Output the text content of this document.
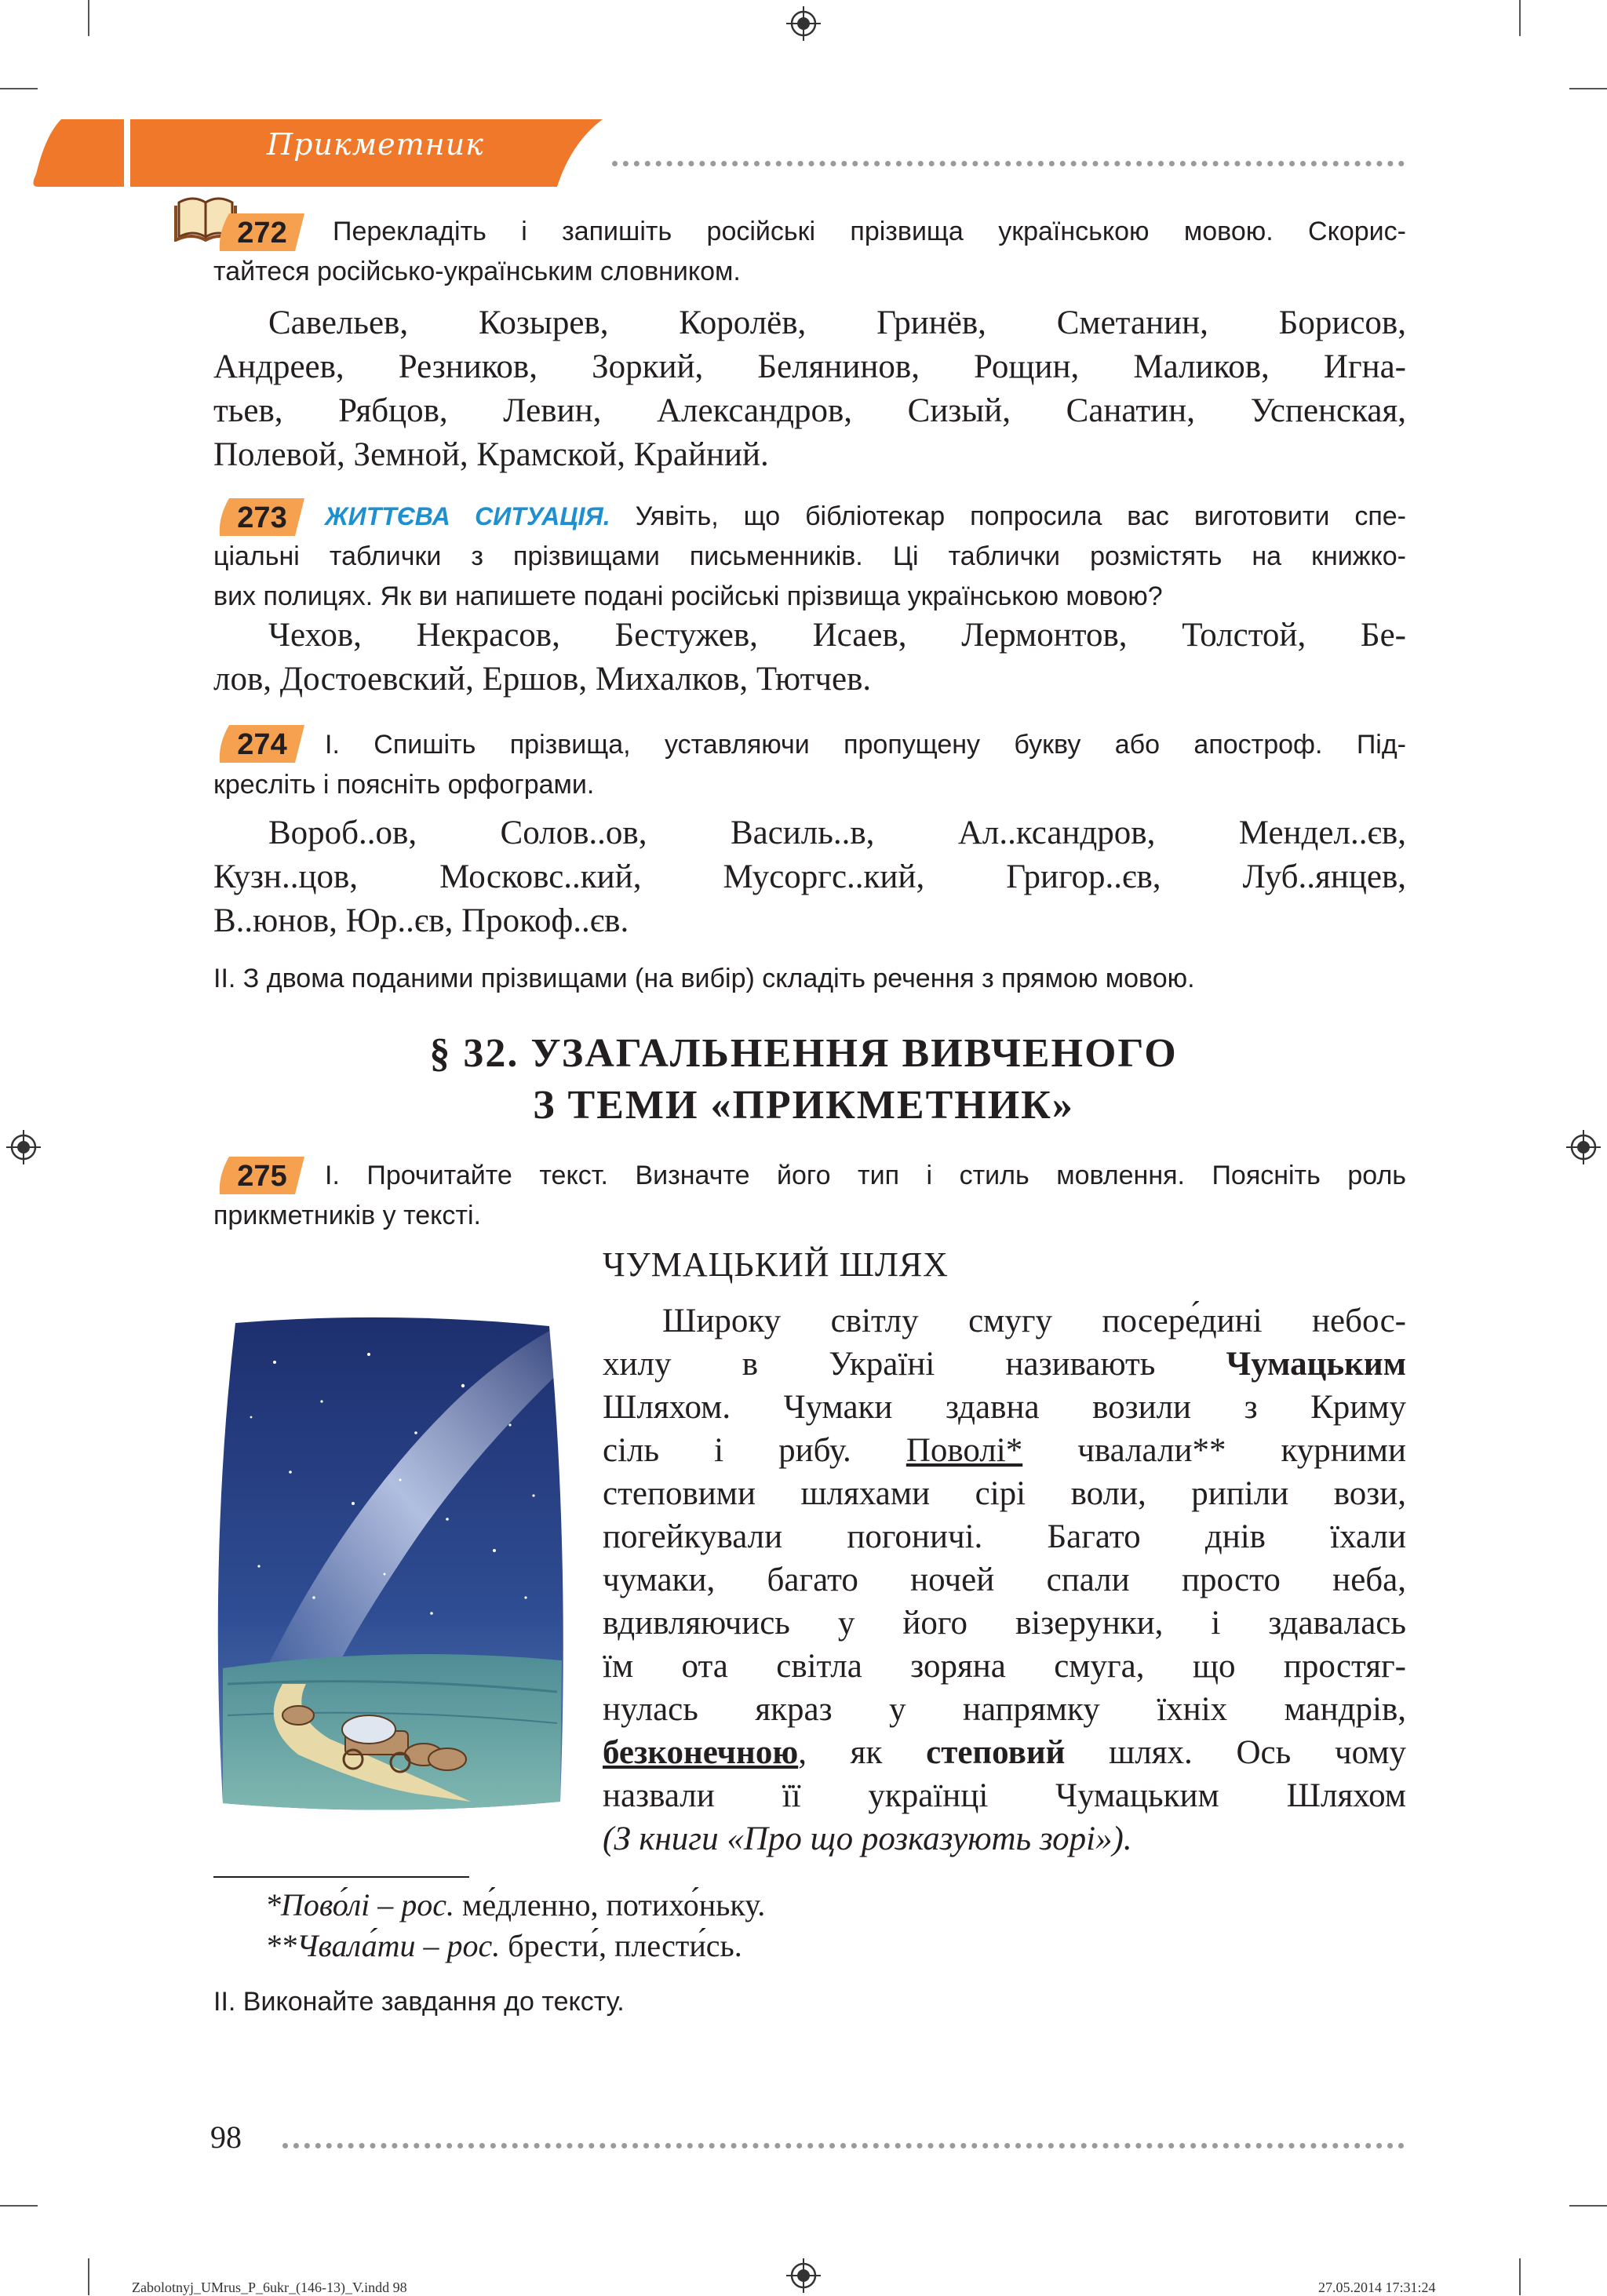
Прикметник
272	Перекладіть і запишіть російські прізвища українською мовою. Скорис-
тайтеся російсько-українським словником.
Савельев, Козырев, Королёв, Гринёв, Сметанин, Борисов,
Андреев, Резников, Зоркий, Белянинов, Рощин, Маликов, Игна-
тьев, Рябцов, Левин, Александров, Сизый, Санатин, Успенская,
Полевой, Земной, Крамской, Крайний.
273	ЖИТТЄВА СИТУАЦІЯ. Уявіть, що бібліотекар попросила вас виготовити спе-
ціальні таблички з прізвищами письменників. Ці таблички розмістять на книжко-
вих полицях. Як ви напишете подані російські прізвища українською мовою?
Чехов, Некрасов, Бестужев, Исаев, Лермонтов, Толстой, Бе-
лов, Достоевский, Ершов, Михалков, Тютчев.
274	І. Спишіть прізвища, уставляючи пропущену букву або апостроф. Під-
кресліть і поясніть орфограми.
Вороб..ов, Солов..ов, Василь..в, Ал..ксандров, Мендел..єв,
Кузн..цов, Московс..кий, Мусоргс..кий, Григор..єв, Луб..янцев,
В..юнов, Юр..єв, Прокоф..єв.
ІІ. З двома поданими прізвищами (на вибір) складіть речення з прямою мовою.
§ 32. УЗАГАЛЬНЕННЯ ВИВЧЕНОГО
З ТЕМИ «ПРИКМЕТНИК»
275	І. Прочитайте текст. Визначте його тип і стиль мовлення. Поясніть роль
прикметників у тексті.
ЧУМАЦЬКИЙ ШЛЯХ
Широку світлу смугу посере́дині небос-
хилу в Україні називають Чумацьким
Шляхом. Чумаки здавна возили з Криму
сіль і рибу. Поволі* чвалали** курними
степовими шляхами сірі воли, рипіли вози,
погейкували погоничі. Багато днів їхали
чумаки, багато ночей спали просто неба,
вдивляючись у його візерунки, і здавалась
їм ота світла зоряна смуга, що простяг-
нулась якраз у напрямку їхніх мандрів,
безконечною, як степовий шлях. Ось чому
назвали її українці Чумацьким Шляхом
(З книги «Про що розказують зорі»).
*Пово́лі – рос. ме́дленно, потихо́ньку.
**Чвала́ти – рос. брести́, плести́сь.
ІІ. Виконайте завдання до тексту.
98
Zabolotnyj_UMrus_P_6ukr_(146-13)_V.indd 98	27.05.2014 17:31:24
